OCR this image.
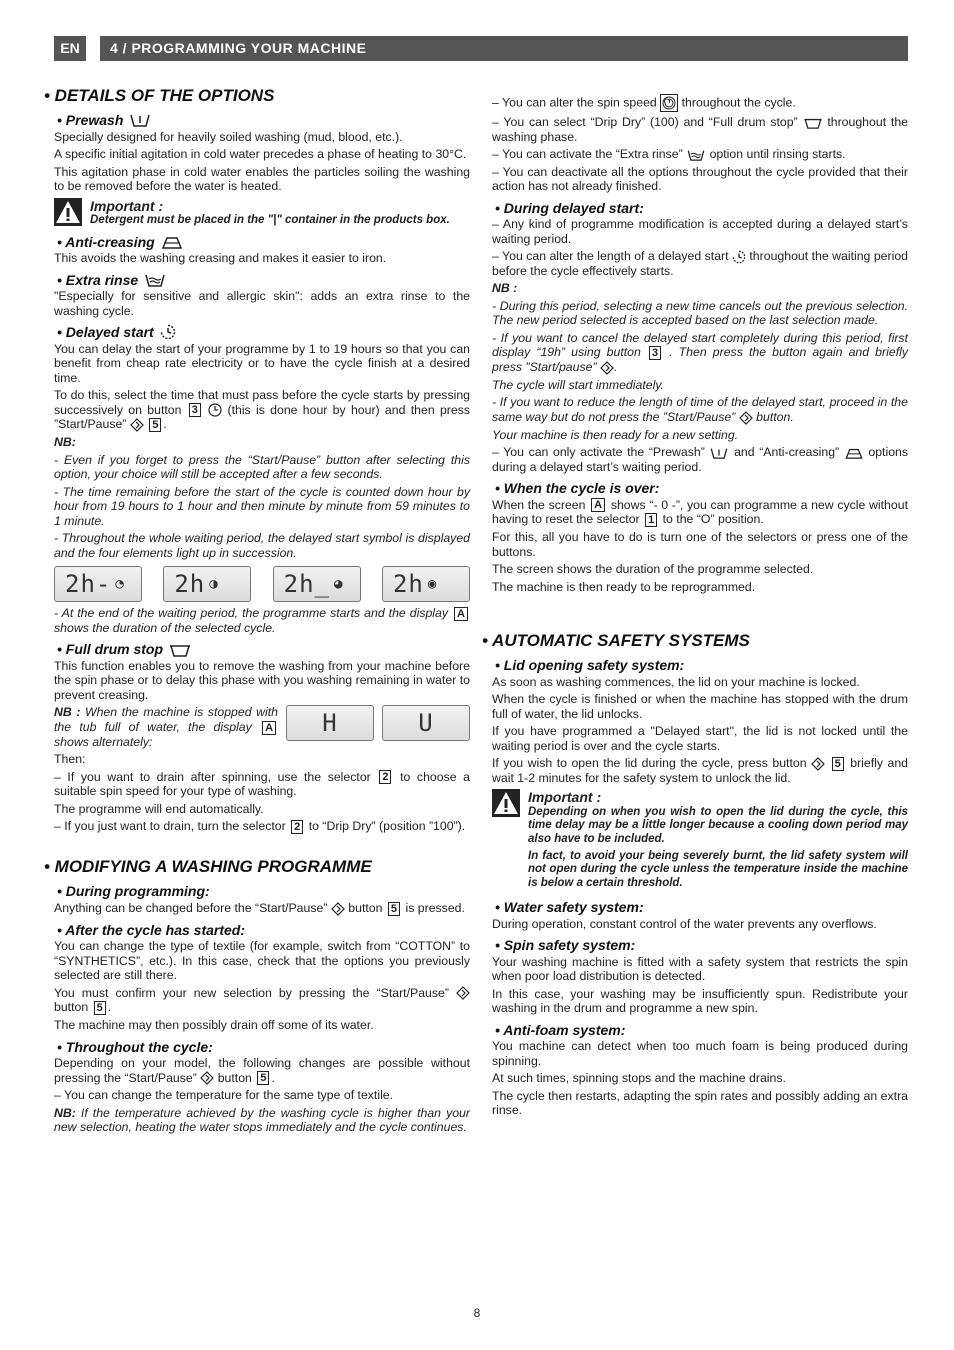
EN	4 / PROGRAMMING YOUR MACHINE
• DETAILS OF THE OPTIONS
• Prewash

Specially designed for heavily soiled washing (mud, blood, etc.).

A specific initial agitation in cold water precedes a phase of heating to 30°C.

This agitation phase in cold water enables the particles soiling the washing to be removed before the water is heated.

Important :
Detergent must be placed in the "|" container in the products box.
• Anti-creasing

This avoids the washing creasing and makes it easier to iron.

• Extra rinse

"Especially for sensitive and allergic skin": adds an extra rinse to the washing cycle.

• Delayed start

You can delay the start of your programme by 1 to 19 hours so that you can benefit from cheap rate electricity or to have the cycle finish at a desired time.

To do this, select the time that must pass before the cycle starts by pressing successively on button 3 (this is done hour by hour) and then press ”Start/Pause” 5 .

NB:

- Even if you forget to press the “Start/Pause” button after selecting this option, your choice will still be accepted after a few seconds.

- The time remaining before the start of the cycle is counted down hour by hour from 19 hours to 1 hour and then minute by minute from 59 minutes to 1 minute.

- Throughout the whole waiting period, the delayed start symbol is displayed and the four elements light up in succession.

2h- ◔ 2h ◑	2h_ ◕ 2h ◉

- At the end of the waiting period, the programme starts and the display A shows the duration of the selected cycle.

• Full drum stop

This function enables you to remove the washing from your machine before the spin phase or to delay this phase with you washing remaining in water to prevent creasing.

NB : When the machine is stopped with the tub full of water, the display A shows alternately:

H	U

Then:

– If you want to drain after spinning, use the selector 2 to choose a suitable spin speed for your type of washing.

The programme will end automatically.

– If you just want to drain, turn the selector 2 to “Drip Dry” (position ”100”).

• MODIFYING A WASHING PROGRAMME
• During programming:

Anything can be changed before the “Start/Pause” button 5 is pressed.

• After the cycle has started:

You can change the type of textile (for example, switch from “COTTON” to “SYNTHETICS”, etc.). In this case, check that the options you previously selected are still there.

You must confirm your new selection by pressing the “Start/Pause”  button 5 .

The machine may then possibly drain off some of its water.

• Throughout the cycle:

Depending on your model, the following changes are possible without pressing the “Start/Pause” button 5 .

– You can change the temperature for the same type of textile.

NB: If the temperature achieved by the washing cycle is higher than your new selection, heating the water stops immediately and the cycle continues.

– You can alter the spin speed throughout the cycle.

– You can select “Drip Dry” (100) and “Full drum stop” throughout the washing phase.

– You can activate the “Extra rinse” option until rinsing starts.

– You can deactivate all the options throughout the cycle provided that their action has not already finished.

• During delayed start:

– Any kind of programme modification is accepted during a delayed start’s waiting period.

– You can alter the length of a delayed start throughout the waiting period before the cycle effectively starts.

NB :

- During this period, selecting a new time cancels out the previous selection. The new period selected is accepted based on the last selection made.

- If you want to cancel the delayed start completely during this period, first display “19h” using button 3 . Then press the button again and briefly press ”Start/pause” .

The cycle will start immediately.

- If you want to reduce the length of time of the delayed start, proceed in the same way but do not press the ”Start/Pause” button.

Your machine is then ready for a new setting.

– You can only activate the “Prewash” and “Anti-creasing” options during a delayed start’s waiting period.

• When the cycle is over:

When the screen A shows “- 0 -”, you can programme a new cycle without having to reset the selector 1 to the “O” position.

For this, all you have to do is turn one of the selectors or press one of the buttons.

The screen shows the duration of the programme selected.

The machine is then ready to be reprogrammed.

• AUTOMATIC SAFETY SYSTEMS
• Lid opening safety system:

As soon as washing commences, the lid on your machine is locked.

When the cycle is finished or when the machine has stopped with the drum full of water, the lid unlocks.

If you have programmed a "Delayed start", the lid is not locked until the waiting period is over and the cycle starts.

If you wish to open the lid during the cycle, press button	5 briefly and wait 1-2 minutes for the safety system to unlock the lid.

Important :

Depending on when you wish to open the lid during the cycle, this time delay may be a little longer because a cooling down period may also have to be included.

In fact, to avoid your being severely burnt, the lid safety system will not open during the cycle unless the temperature inside the machine is below a certain threshold.

• Water safety system:

During operation, constant control of the water prevents any overflows.

• Spin safety system:

Your washing machine is fitted with a safety system that restricts the spin when poor load distribution is detected.

In this case, your washing may be insufficiently spun. Redistribute your washing in the drum and programme a new spin.

• Anti-foam system:

You machine can detect when too much foam is being produced during spinning.

At such times, spinning stops and the machine drains.

The cycle then restarts, adapting the spin rates and possibly adding an extra rinse.

8
